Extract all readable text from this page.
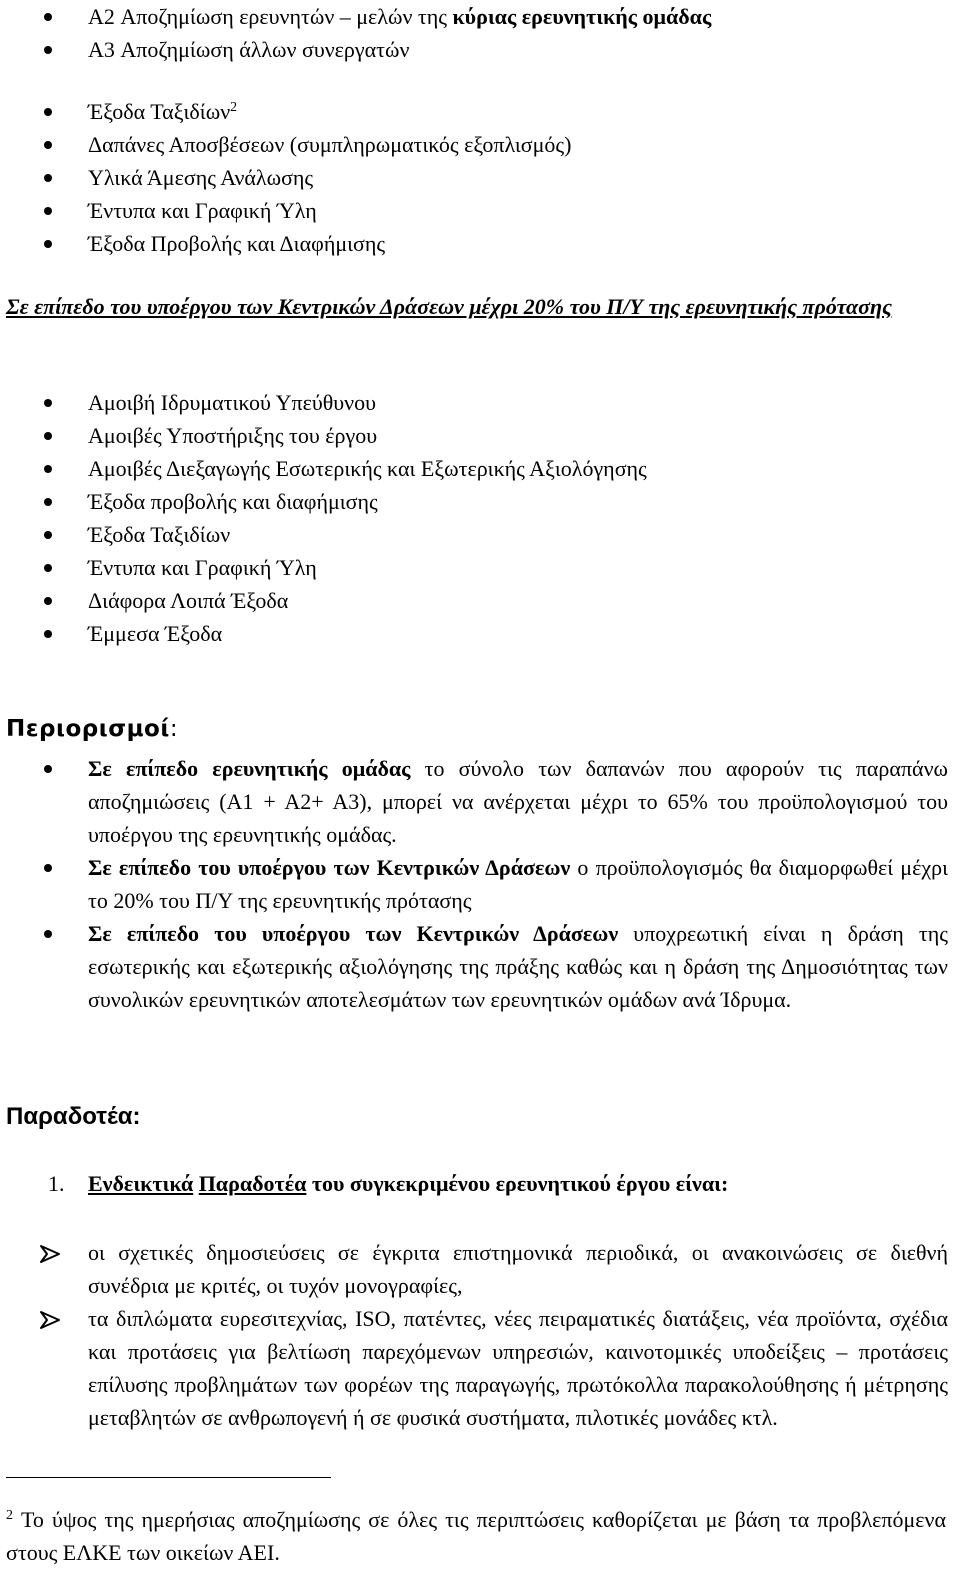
A2 Αποζημίωση ερευνητών – μελών της κύριας ερευνητικής ομάδας
A3 Αποζημίωση άλλων συνεργατών
Έξοδα Ταξιδίων$^2$
Δαπάνες Αποσβέσεων (συμπληρωματικός εξοπλισμός)
Υλικά Άμεσης Ανάλωσης
Έντυπα και Γραφική Ύλη
Έξοδα Προβολής και Διαφήμισης
Σε επίπεδο του υποέργου των Κεντρικών Δράσεων μέχρι 20% του Π/Υ της ερευνητικής πρότασης
Αμοιβή Ιδρυματικού Υπεύθυνου
Αμοιβές Υποστήριξης του έργου
Αμοιβές Διεξαγωγής Εσωτερικής και Εξωτερικής Αξιολόγησης
Έξοδα προβολής και διαφήμισης
Έξοδα Ταξιδίων
Έντυπα και Γραφική Ύλη
Διάφορα Λοιπά Έξοδα
Έμμεσα Έξοδα
Περιορισμοί:
Σε επίπεδο ερευνητικής ομάδας το σύνολο των δαπανών που αφορούν τις παραπάνω αποζημιώσεις (Α1 + Α2+ Α3), μπορεί να ανέρχεται μέχρι το 65% του προϋπολογισμού του υποέργου της ερευνητικής ομάδας.
Σε επίπεδο του υποέργου των Κεντρικών Δράσεων ο προϋπολογισμός θα διαμορφωθεί μέχρι το 20% του Π/Υ της ερευνητικής πρότασης
Σε επίπεδο του υποέργου των Κεντρικών Δράσεων υποχρεωτική είναι η δράση της εσωτερικής και εξωτερικής αξιολόγησης της πράξης καθώς και η δράση της Δημοσιότητας των συνολικών ερευνητικών αποτελεσμάτων των ερευνητικών ομάδων ανά Ίδρυμα.
Παραδοτέα:
1. Ενδεικτικά Παραδοτέα του συγκεκριμένου ερευνητικού έργου είναι:
οι σχετικές δημοσιεύσεις σε έγκριτα επιστημονικά περιοδικά, οι ανακοινώσεις σε διεθνή συνέδρια με κριτές, οι τυχόν μονογραφίες,
τα διπλώματα ευρεσιτεχνίας, ISO, πατέντες, νέες πειραματικές διατάξεις, νέα προϊόντα, σχέδια και προτάσεις για βελτίωση παρεχόμενων υπηρεσιών, καινοτομικές υποδείξεις – προτάσεις επίλυσης προβλημάτων των φορέων της παραγωγής, πρωτόκολλα παρακολούθησης ή μέτρησης μεταβλητών σε ανθρωπογενή ή σε φυσικά συστήματα, πιλοτικές μονάδες κτλ.
$^2$ Το ύψος της ημερήσιας αποζημίωσης σε όλες τις περιπτώσεις καθορίζεται με βάση τα προβλεπόμενα στους ΕΛΚΕ των οικείων ΑΕΙ.
